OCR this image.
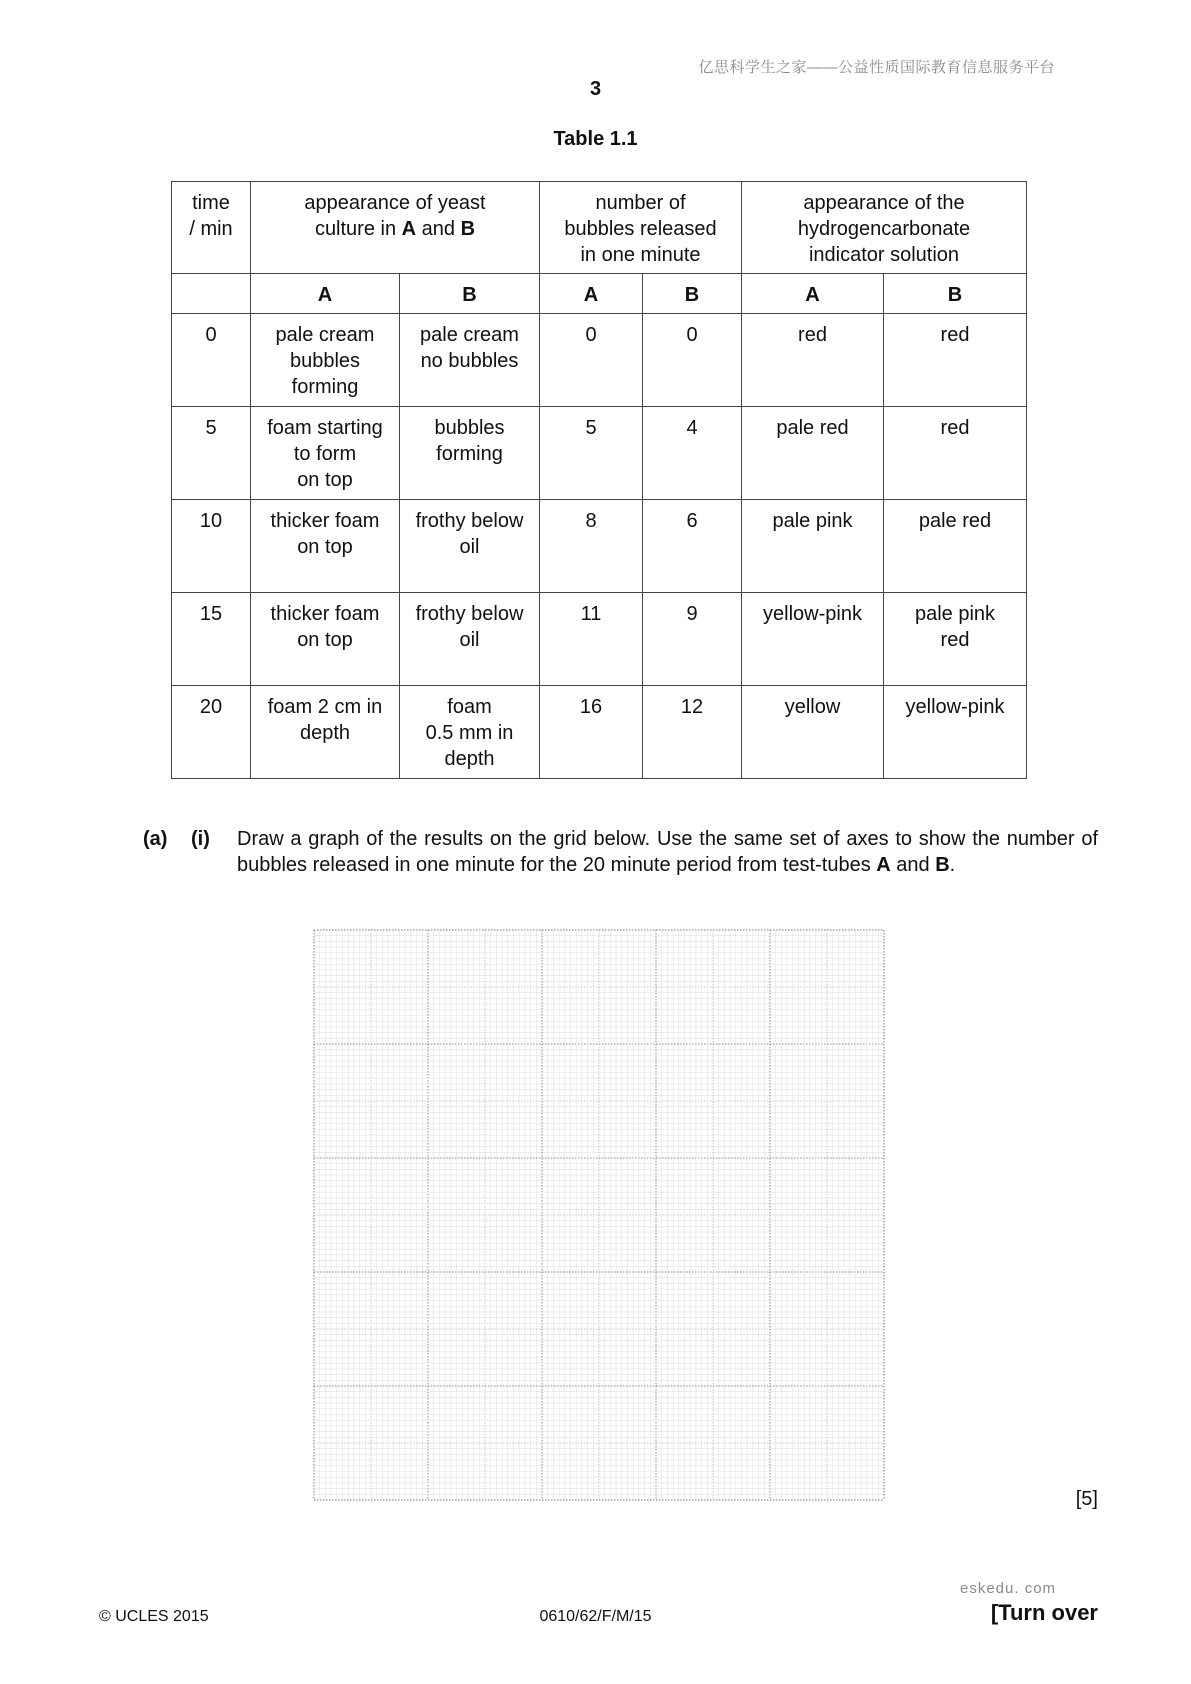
亿思科学生之家——公益性质国际教育信息服务平台
3
Table 1.1
time
/ min	appearance of yeast
culture in A and B		number of
bubbles released
in one minute		appearance of the
hydrogencarbonate
indicator solution	
	A	B	A	B	A	B
0	pale cream
bubbles
forming	pale cream
no bubbles	0	0	red	red
5	foam starting
to form
on top	bubbles
forming	5	4	pale red	red
10	thicker foam
on top	frothy below
oil	8	6	pale pink	pale red
15	thicker foam
on top	frothy below
oil	11	9	yellow-pink	pale pink
red
20	foam 2 cm in
depth	foam
0.5 mm in
depth	16	12	yellow	yellow-pink
(a) (i) Draw a graph of the results on the grid below. Use the same set of axes to show the number of bubbles released in one minute for the 20 minute period from test-tubes A and B.
[5]
eskedu. com
© UCLES 2015	0610/62/F/M/15	[Turn over
